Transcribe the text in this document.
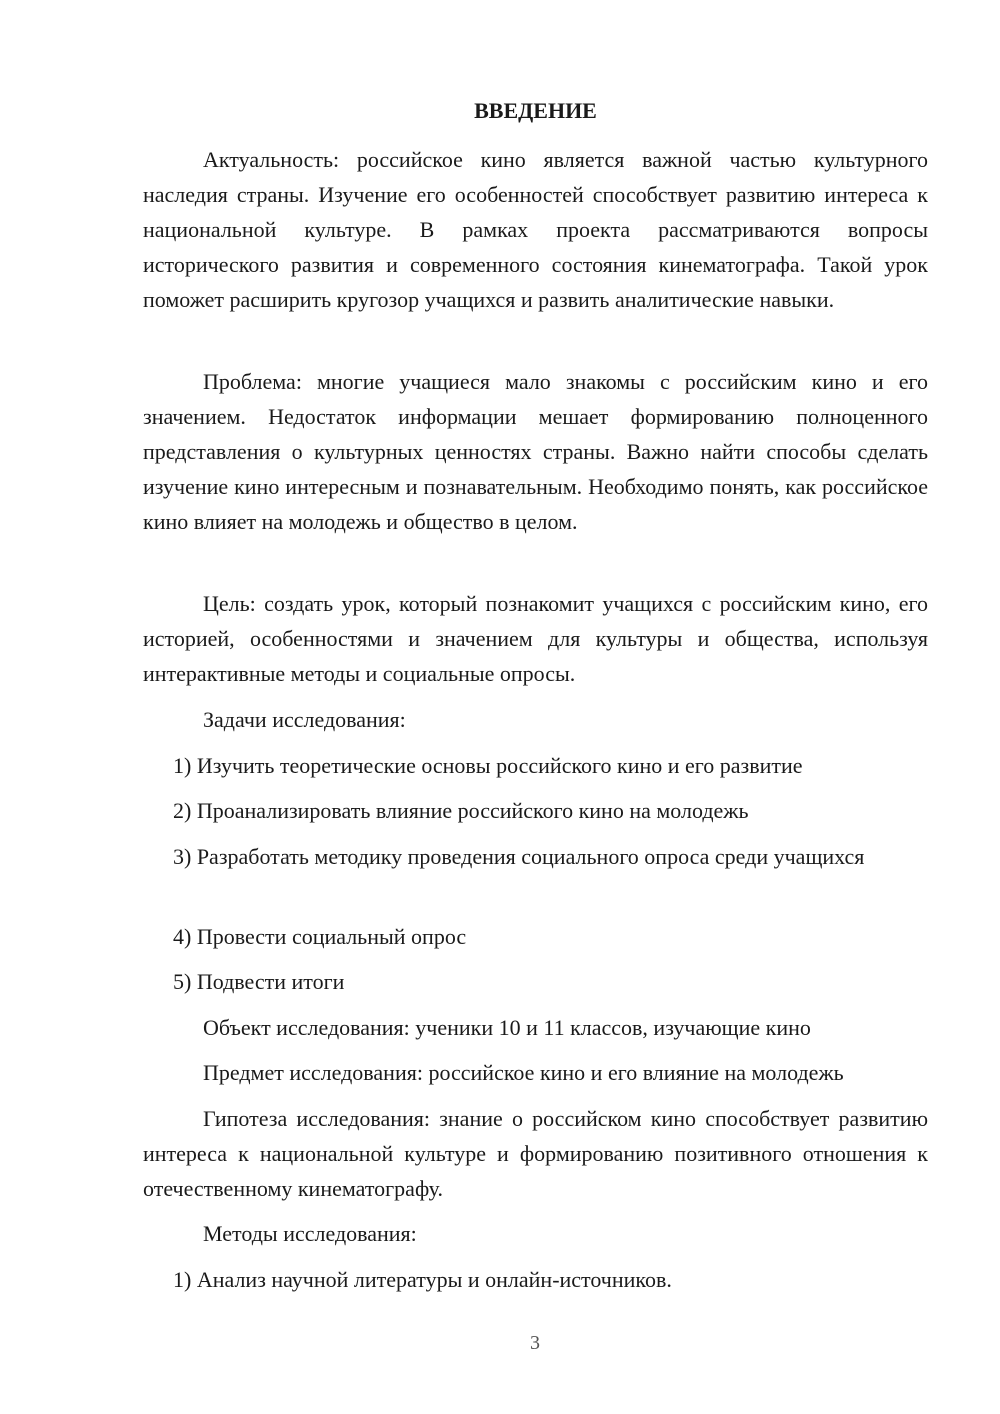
ВВЕДЕНИЕ

Актуальность: российское кино является важной частью культурного наследия страны. Изучение его особенностей способствует развитию интереса к национальной культуре. В рамках проекта рассматриваются вопросы исторического развития и современного состояния кинематографа. Такой урок поможет расширить кругозор учащихся и развить аналитические навыки.

Проблема: многие учащиеся мало знакомы с российским кино и его значением. Недостаток информации мешает формированию полноценного представления о культурных ценностях страны. Важно найти способы сделать изучение кино интересным и познавательным. Необходимо понять, как российское кино влияет на молодежь и общество в целом.

Цель: создать урок, который познакомит учащихся с российским кино, его историей, особенностями и значением для культуры и общества, используя интерактивные методы и социальные опросы.

Задачи исследования:

1) Изучить теоретические основы российского кино и его развитие

2) Проанализировать влияние российского кино на молодежь

3) Разработать методику проведения социального опроса среди учащихся

4) Провести социальный опрос

5) Подвести итоги

Объект исследования: ученики 10 и 11 классов, изучающие кино

Предмет исследования: российское кино и его влияние на молодежь

Гипотеза исследования: знание о российском кино способствует развитию интереса к национальной культуре и формированию позитивного отношения к отечественному кинематографу.

Методы исследования:

1) Анализ научной литературы и онлайн-источников.

3
